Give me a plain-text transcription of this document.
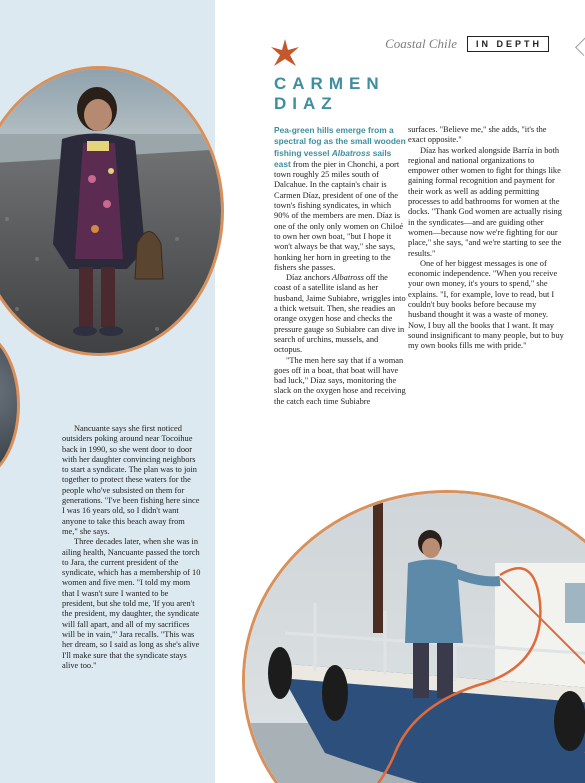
Coastal Chile	IN DEPTH
CARMEN
DIAZ

Pea-green hills emerge from a spectral fog as the small wooden fishing vessel Albatross sails east from the pier in Chonchi, a port town roughly 25 miles south of Dalcahue. In the captain's chair is Carmen Díaz, president of one of the town's fishing syndicates, in which 90% of the members are men. Díaz is one of the only only women on Chiloé to own her own boat, "but I hope it won't always be that way," she says, honking her horn in greeting to the fishers she passes.

Díaz anchors Albatross off the coast of a satellite island as her husband, Jaime Subiabre, wriggles into a thick wetsuit. Then, she readies an orange oxygen hose and checks the pressure gauge so Subiabre can dive in search of urchins, mussels, and octopus.

"The men here say that if a woman goes off in a boat, that boat will have bad luck," Díaz says, monitoring the slack on the oxygen hose and receiving the catch each time Subiabre

surfaces. "Believe me," she adds, "it's the exact opposite."

Díaz has worked alongside Barría in both regional and national organizations to empower other women to fight for things like gaining formal recognition and payment for their work as well as adding permitting processes to add bathrooms for women at the docks. "Thank God women are actually rising in the syndicates—and are guiding other women—because now we're fighting for our place," she says, "and we're starting to see the results."

One of her biggest messages is one of economic independence. "When you receive your own money, it's yours to spend," she explains. "I, for example, love to read, but I couldn't buy books before because my husband thought it was a waste of money. Now, I buy all the books that I want. It may sound insignificant to many people, but to buy my own books fills me with pride."

Nancuante says she first noticed outsiders poking around near Tocoihue back in 1990, so she went door to door with her daughter convincing neighbors to start a syndicate. The plan was to join together to protect these waters for the people who've subsisted on them for generations. "I've been fishing here since I was 16 years old, so I didn't want anyone to take this beach away from me," she says.

Three decades later, when she was in ailing health, Nancuante passed the torch to Jara, the current president of the syndicate, which has a membership of 10 women and five men. "I told my mom that I wasn't sure I wanted to be president, but she told me, 'If you aren't the president, my daughter, the syndicate will fall apart, and all of my sacrifices will be in vain,'" Jara recalls. "This was her dream, so I said as long as she's alive I'll make sure that the syndicate stays alive too."
